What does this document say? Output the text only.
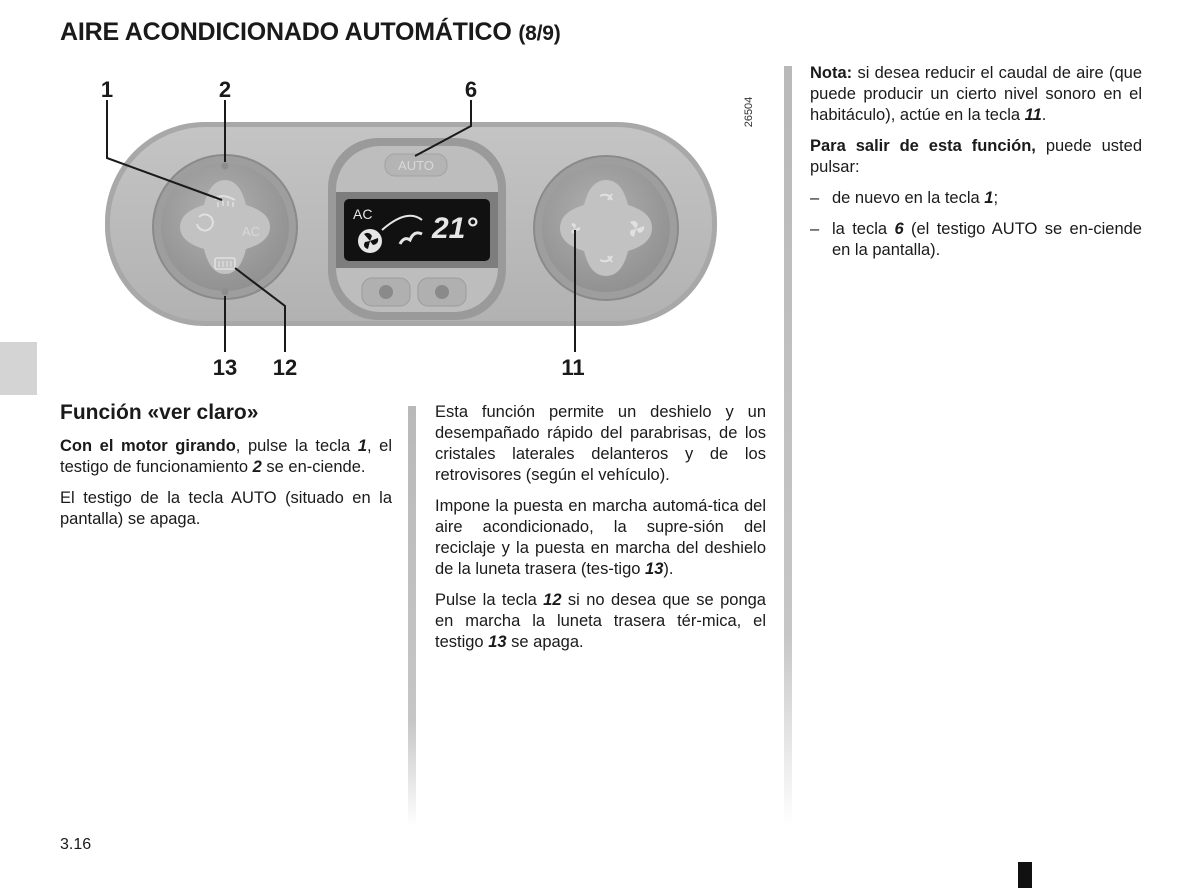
AIRE ACONDICIONADO AUTOMÁTICO (8/9)
AC
AUTO
AC 21°
1	2	6
13 12	11
26504
Función «ver claro»

Con el motor girando, pulse la tecla 1, el testigo de funcionamiento 2 se en-ciende.

El testigo de la tecla AUTO (situado en la pantalla) se apaga.

Esta función permite un deshielo y un desempañado rápido del parabrisas, de los cristales laterales delanteros y de los retrovisores (según el vehículo).

Impone la puesta en marcha automá-tica del aire acondicionado, la supre-sión del reciclaje y la puesta en marcha del deshielo de la luneta trasera (tes-tigo 13).

Pulse la tecla 12 si no desea que se ponga en marcha la luneta trasera tér-mica, el testigo 13 se apaga.

Nota: si desea reducir el caudal de aire (que puede producir un cierto nivel sonoro en el habitáculo), actúe en la tecla 11.

Para salir de esta función, puede usted pulsar:

– de nuevo en la tecla 1;
– la tecla 6 (el testigo AUTO se en-ciende en la pantalla).
3.16
